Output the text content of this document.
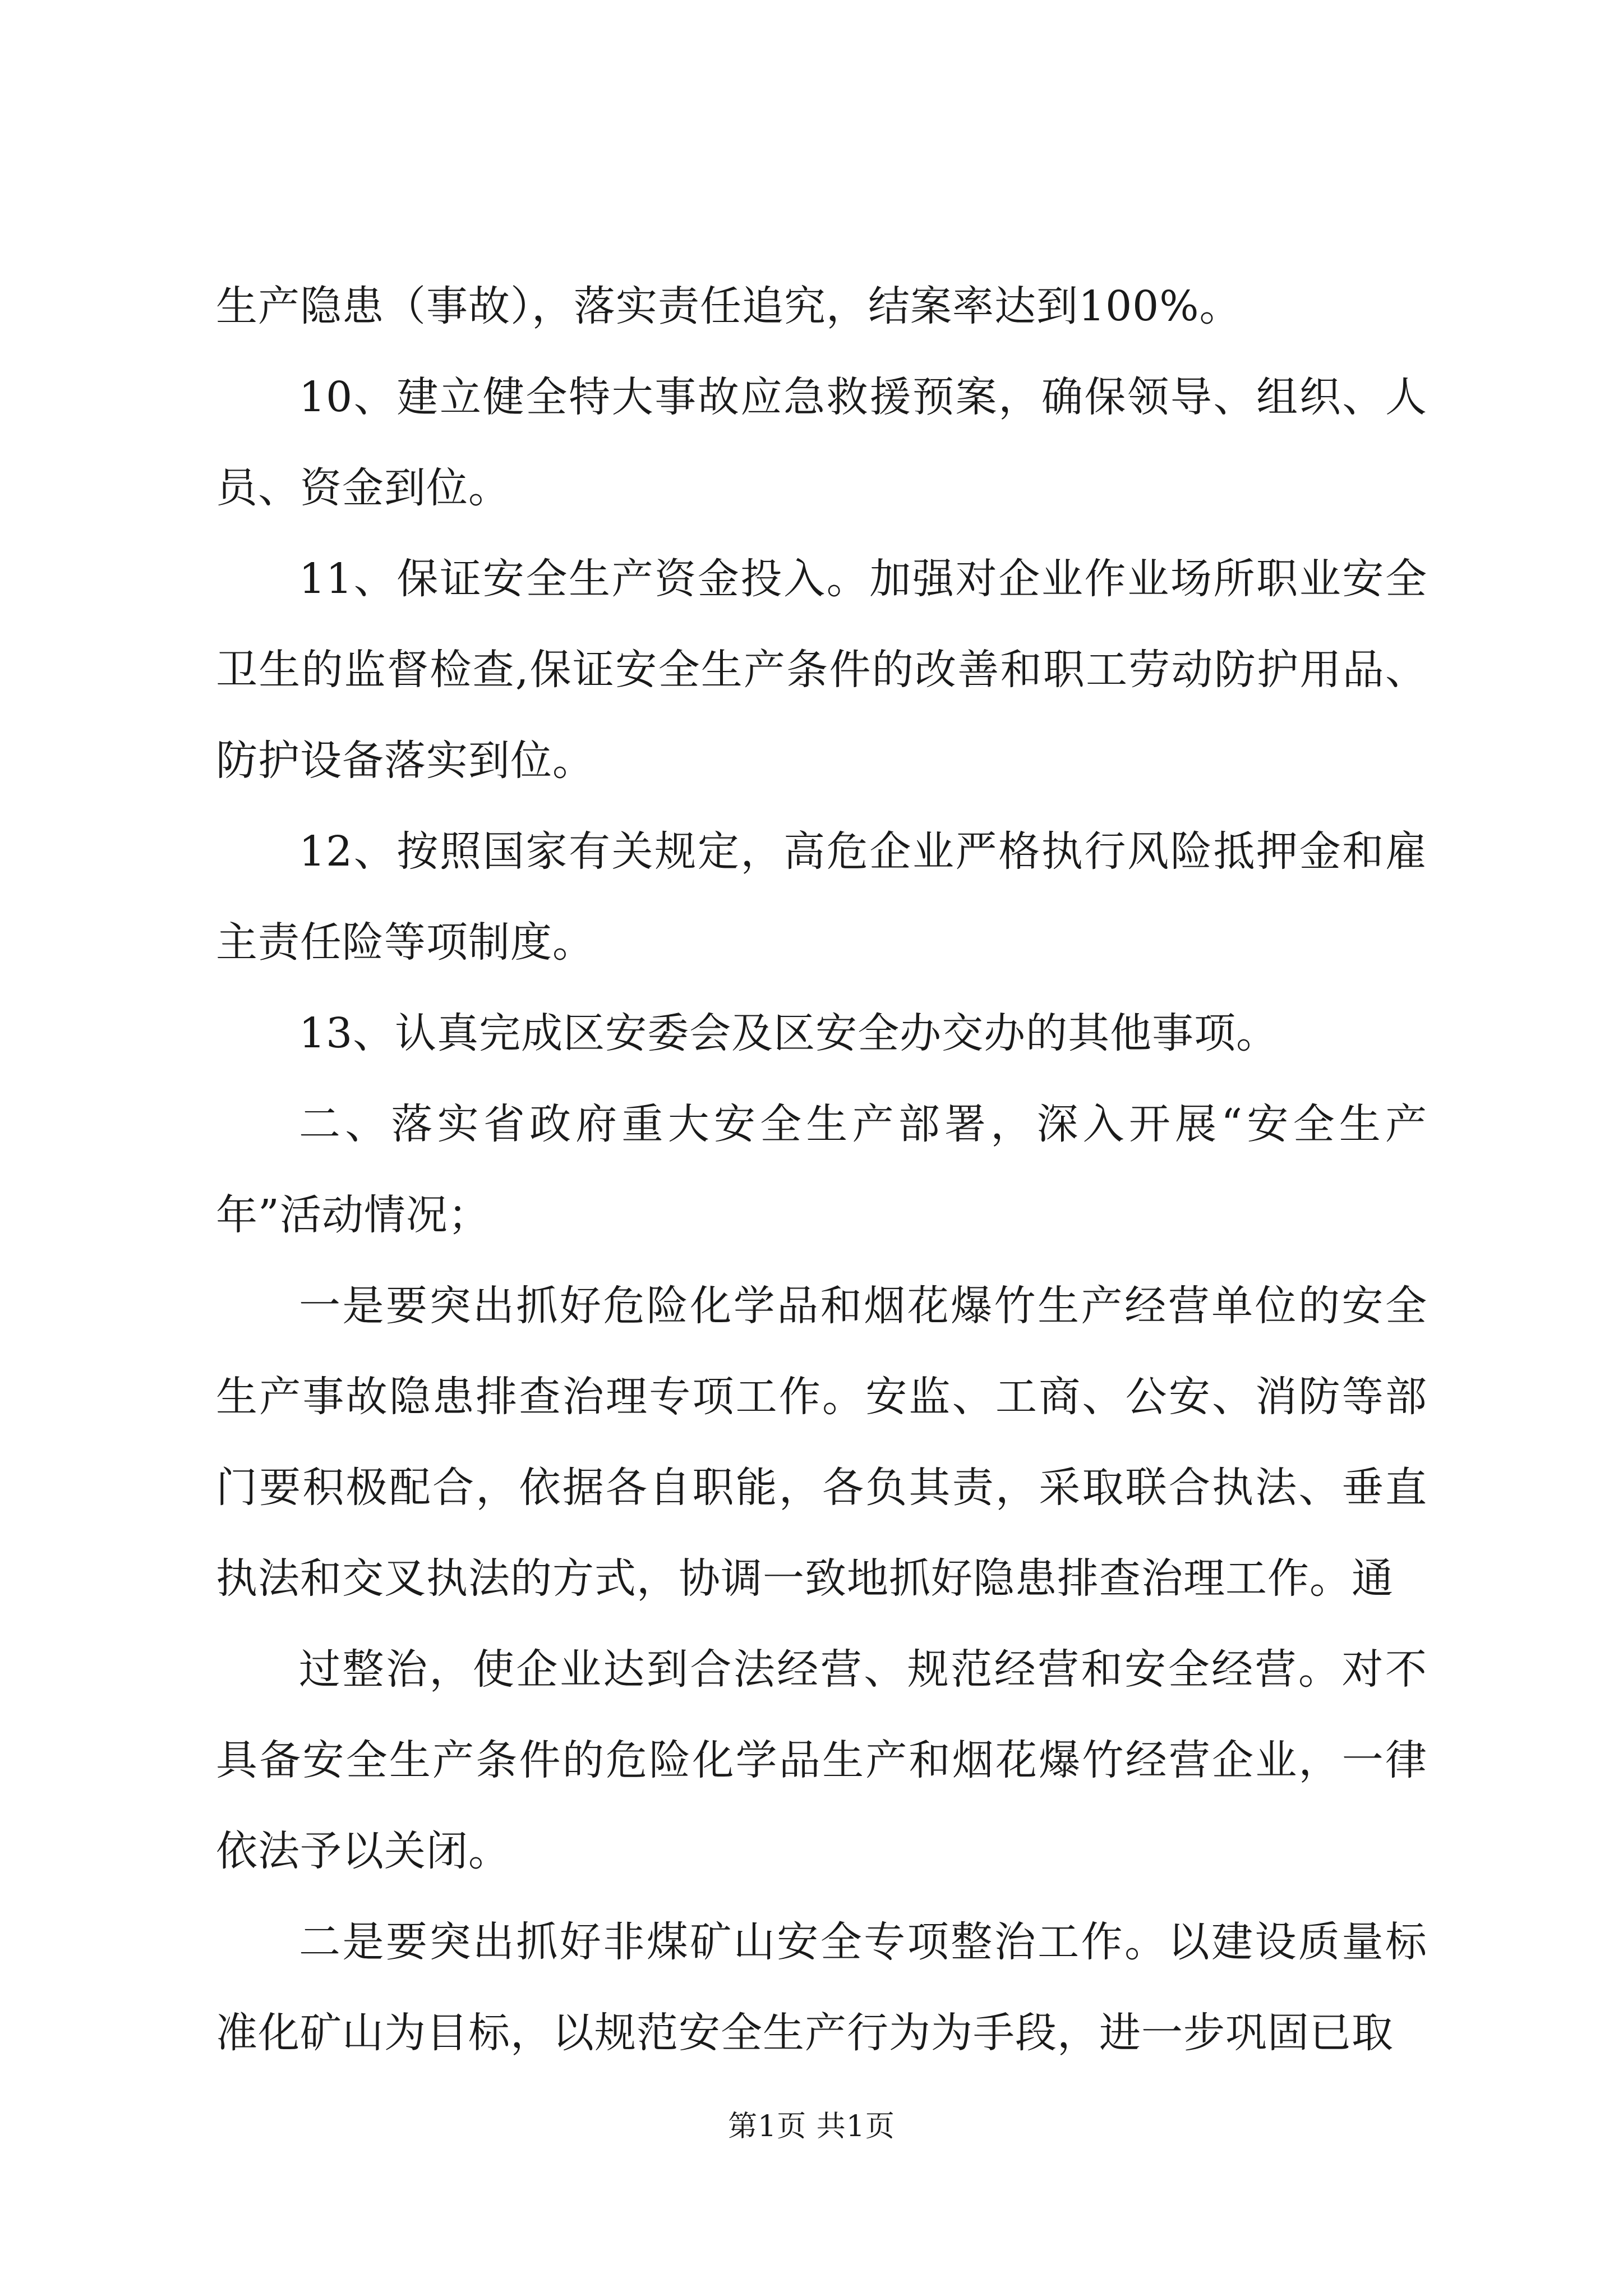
生产隐患（事故），落实责任追究，结案率达到100%。

10、建立健全特大事故应急救援预案，确保领导、组织、人员、资金到位。

11、保证安全生产资金投入。加强对企业作业场所职业安全卫生的监督检查,保证安全生产条件的改善和职工劳动防护用品、防护设备落实到位。

12、按照国家有关规定，高危企业严格执行风险抵押金和雇主责任险等项制度。

13、认真完成区安委会及区安全办交办的其他事项。

二、落实省政府重大安全生产部署，深入开展“安全生产年”活动情况；

一是要突出抓好危险化学品和烟花爆竹生产经营单位的安全生产事故隐患排查治理专项工作。安监、工商、公安、消防等部门要积极配合，依据各自职能，各负其责，采取联合执法、垂直执法和交叉执法的方式，协调一致地抓好隐患排查治理工作。通

过整治，使企业达到合法经营、规范经营和安全经营。对不具备安全生产条件的危险化学品生产和烟花爆竹经营企业，一律依法予以关闭。

二是要突出抓好非煤矿山安全专项整治工作。以建设质量标准化矿山为目标，以规范安全生产行为为手段，进一步巩固已取

第1页 共1页
